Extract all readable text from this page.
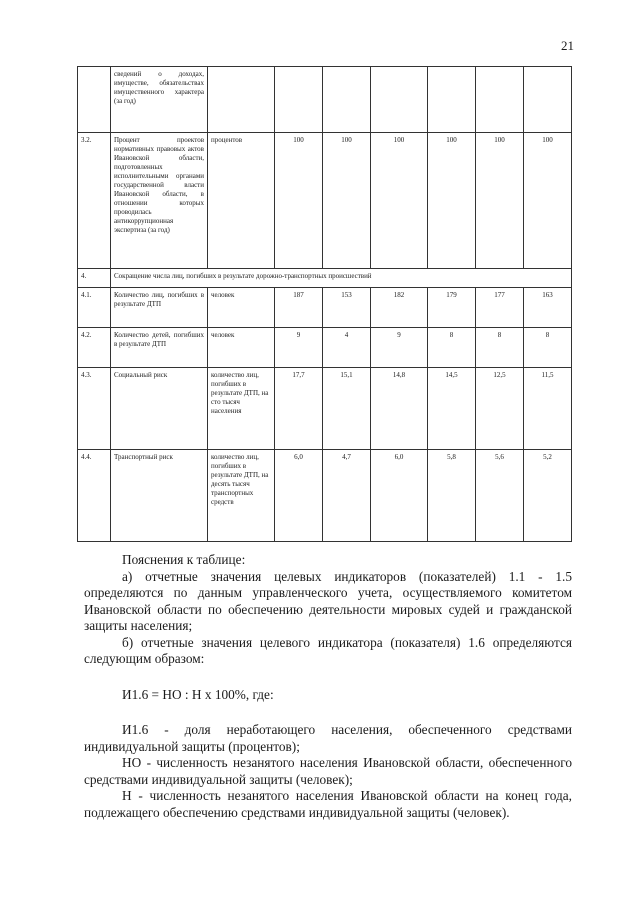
21
	сведений о доходах, имуществе, обязательствах имущественного характера (за год)							
3.2.	Процент проектов нормативных правовых актов Ивановской области, подготовленных исполнительными органами государственной власти Ивановской области, в отношении которых проводилась антикоррупционная экспертиза (за год)	процентов	100	100	100	100	100	100
4.	Сокращение числа лиц, погибших в результате дорожно-транспортных происшествий							
4.1.	Количество лиц, погибших в результате ДТП	человек	187	153	182	179	177	163
4.2.	Количество детей, погибших в результате ДТП	человек	9	4	9	8	8	8
4.3.	Социальный риск	количество лиц, погибших в результате ДТП, на сто тысяч населения	17,7	15,1	14,8	14,5	12,5	11,5
4.4.	Транспортный риск	количество лиц, погибших в результате ДТП, на десять тысяч транспортных средств	6,0	4,7	6,0	5,8	5,6	5,2

Пояснения к таблице:

а) отчетные значения целевых индикаторов (показателей) 1.1 - 1.5 определяются по данным управленческого учета, осуществляемого комитетом Ивановской области по обеспечению деятельности мировых судей и гражданской защиты населения;

б) отчетные значения целевого индикатора (показателя) 1.6 определяются следующим образом:

И1.6 = НО : Н x 100%, где:

И1.6 - доля неработающего населения, обеспеченного средствами индивидуальной защиты (процентов);

НО - численность незанятого населения Ивановской области, обеспеченного средствами индивидуальной защиты (человек);

Н - численность незанятого населения Ивановской области на конец года, подлежащего обеспечению средствами индивидуальной защиты (человек).
